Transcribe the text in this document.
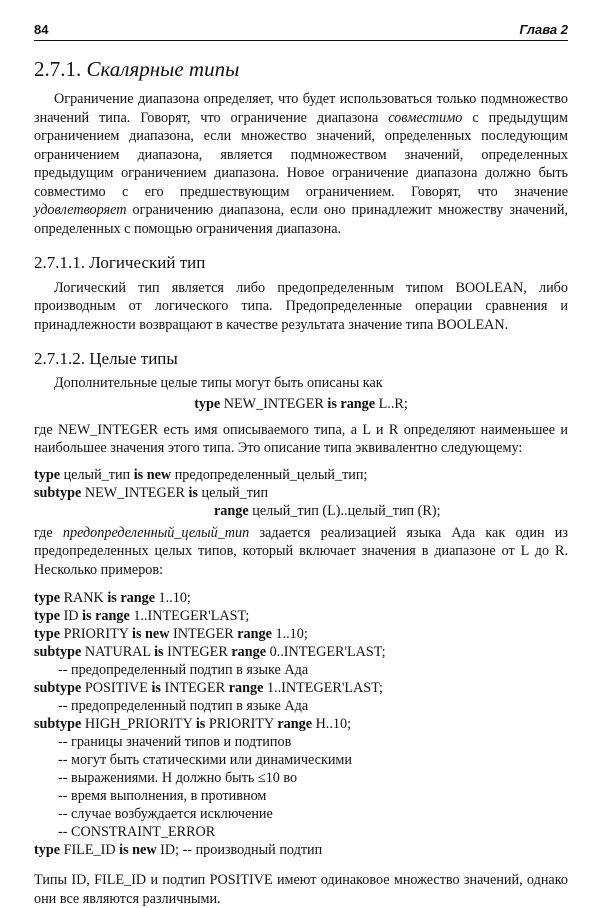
84	Глава 2
2.7.1. Скалярные типы

Ограничение диапазона определяет, что будет использоваться только подмножество значений типа. Говорят, что ограничение диапазона совместимо с предыдущим ограничением диапазона, если множество значений, определенных последующим ограничением диапазона, является подмножеством значений, определенных предыдущим ограничением диапазона. Новое ограничение диапазона должно быть совместимо с его предшествующим ограничением. Говорят, что значение удовлетворяет ограничению диапазона, если оно принадлежит множеству значений, определенных с помощью ограничения диапазона.

2.7.1.1. Логический тип

Логический тип является либо предопределенным типом BOOLEAN, либо производным от логического типа. Предопределенные операции сравнения и принадлежности возвращают в качестве результата значение типа BOOLEAN.

2.7.1.2. Целые типы

Дополнительные целые типы могут быть описаны как

type NEW_INTEGER is range L..R;

где NEW_INTEGER есть имя описываемого типа, а L и R определяют наименьшее и наибольшее значения этого типа. Это описание типа эквивалентно следующему:

type целый_тип is new предопределенный_целый_тип;
subtype NEW_INTEGER is целый_тип
range целый_тип (L)..целый_тип (R);

где предопределенный_целый_тип задается реализацией языка Ада как один из предопределенных целых типов, который включает значения в диапазоне от L до R. Несколько примеров:

type RANK is range 1..10;
type ID is range 1..INTEGER'LAST;
type PRIORITY is new INTEGER range 1..10;
subtype NATURAL is INTEGER range 0..INTEGER'LAST;
-- предопределенный подтип в языке Ада
subtype POSITIVE is INTEGER range 1..INTEGER'LAST;
-- предопределенный подтип в языке Ада
subtype HIGH_PRIORITY is PRIORITY range H..10;
-- границы значений типов и подтипов
-- могут быть статическими или динамическими
-- выражениями. H должно быть ≤10 во
-- время выполнения, в противном
-- случае возбуждается исключение
-- CONSTRAINT_ERROR
type FILE_ID is new ID; -- производный подтип

Типы ID, FILE_ID и подтип POSITIVE имеют одинаковое множество значений, однако они все являются различными.
